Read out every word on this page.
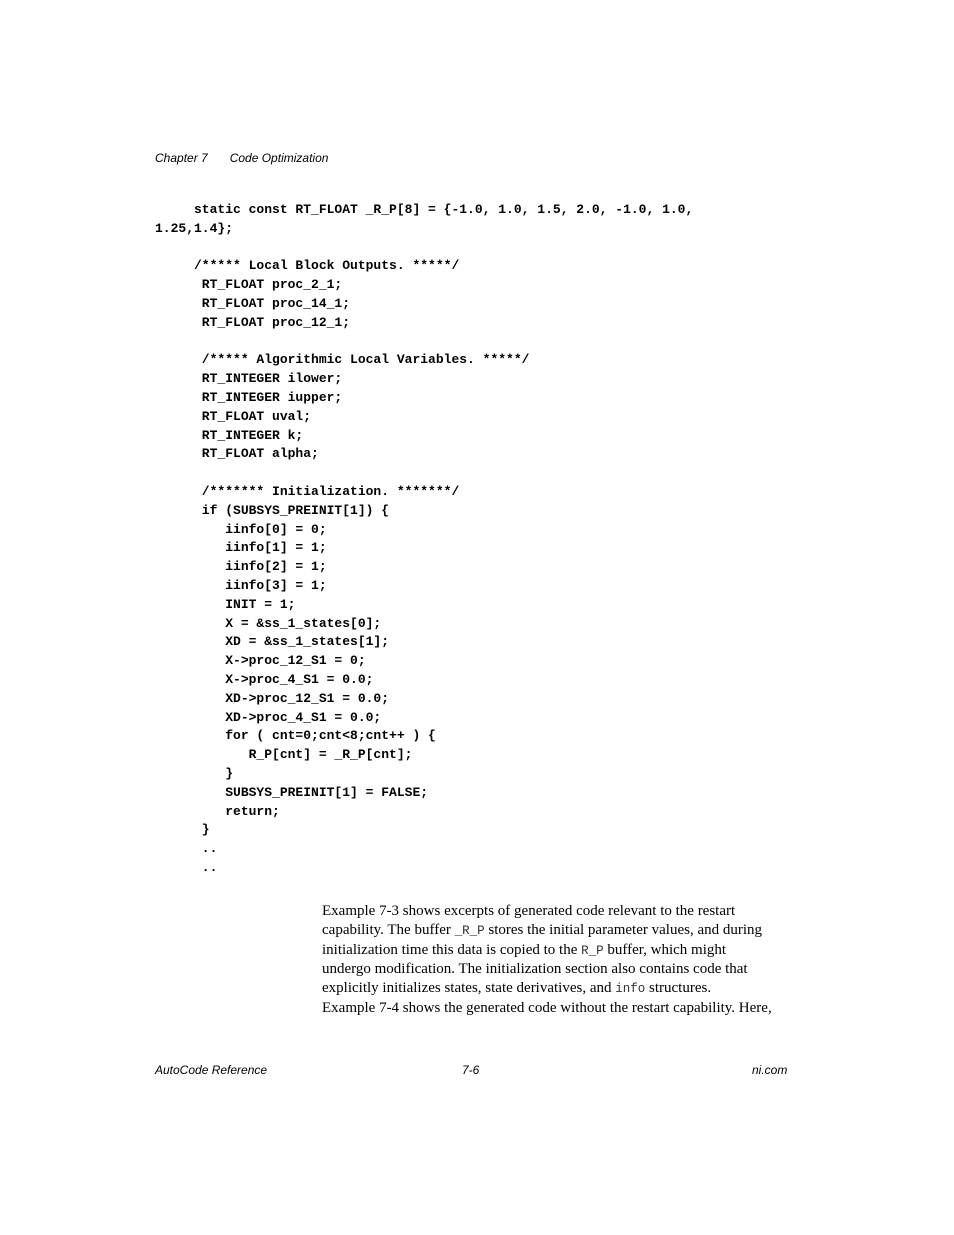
Chapter 7 Code Optimization
static const RT_FLOAT _R_P[8] = {-1.0, 1.0, 1.5, 2.0, -1.0, 1.0,
1.25,1.4};
/***** Local Block Outputs. *****/
RT_FLOAT proc_2_1;
RT_FLOAT proc_14_1;
RT_FLOAT proc_12_1;
/***** Algorithmic Local Variables. *****/
RT_INTEGER ilower;
RT_INTEGER iupper;
RT_FLOAT uval;
RT_INTEGER k;
RT_FLOAT alpha;
/******* Initialization. *******/
if (SUBSYS_PREINIT[1]) {
iinfo[0] = 0;
iinfo[1] = 1;
iinfo[2] = 1;
iinfo[3] = 1;
INIT = 1;
X = &ss_1_states[0];
XD = &ss_1_states[1];
X->proc_12_S1 = 0;
X->proc_4_S1 = 0.0;
XD->proc_12_S1 = 0.0;
XD->proc_4_S1 = 0.0;
for ( cnt=0;cnt<8;cnt++ ) {
R_P[cnt] = _R_P[cnt];
}
SUBSYS_PREINIT[1] = FALSE;
return;
}
..
..
Example 7-3 shows excerpts of generated code relevant to the restart
capability. The buffer _R_P stores the initial parameter values, and during
initialization time this data is copied to the R_P buffer, which might
undergo modification. The initialization section also contains code that
explicitly initializes states, state derivatives, and info structures.
Example 7-4 shows the generated code without the restart capability. Here,
AutoCode Reference	7-6	ni.com
